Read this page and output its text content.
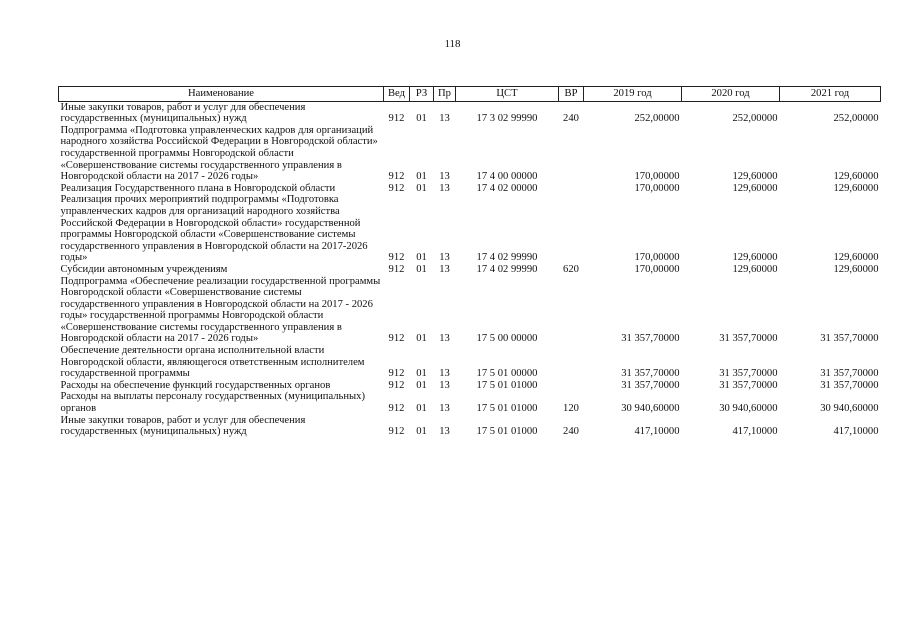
118
Наименование	Вед	РЗ	Пр	ЦСТ	ВР	2019 год	2020 год	2021 год
Иные закупки товаров, работ и услуг для обеспечения государственных (муниципальных) нужд	912	01	13	17 3 02 99990	240	252,00000	252,00000	252,00000
Подпрограмма «Подготовка управленческих кадров для организаций народного хозяйства Российской Федерации в Новгородской области» государственной программы Новгородской области «Совершенствование системы государственного управления в Новгородской области на 2017 - 2026 годы»	912	01	13	17 4 00 00000		170,00000	129,60000	129,60000
Реализация Государственного плана в Новгородской области	912	01	13	17 4 02 00000		170,00000	129,60000	129,60000
Реализация прочих мероприятий подпрограммы «Подготовка управленческих кадров для организаций народного хозяйства Российской Федерации в Новгородской области» государственной программы Новгородской области «Совершенствование системы государственного управления в Новгородской области на 2017-2026 годы»	912	01	13	17 4 02 99990		170,00000	129,60000	129,60000
Субсидии автономным учреждениям	912	01	13	17 4 02 99990	620	170,00000	129,60000	129,60000
Подпрограмма «Обеспечение реализации государственной программы Новгородской области «Совершенствование системы государственного управления в Новгородской области на 2017 - 2026 годы» государственной программы Новгородской области «Совершенствование системы государственного управления в Новгородской области на 2017 - 2026 годы»	912	01	13	17 5 00 00000		31 357,70000	31 357,70000	31 357,70000
Обеспечение деятельности органа исполнительной власти Новгородской области, являющегося ответственным исполнителем государственной программы	912	01	13	17 5 01 00000		31 357,70000	31 357,70000	31 357,70000
Расходы на обеспечение функций государственных органов	912	01	13	17 5 01 01000		31 357,70000	31 357,70000	31 357,70000
Расходы на выплаты персоналу государственных (муниципальных) органов	912	01	13	17 5 01 01000	120	30 940,60000	30 940,60000	30 940,60000
Иные закупки товаров, работ и услуг для обеспечения государственных (муниципальных) нужд	912	01	13	17 5 01 01000	240	417,10000	417,10000	417,10000
